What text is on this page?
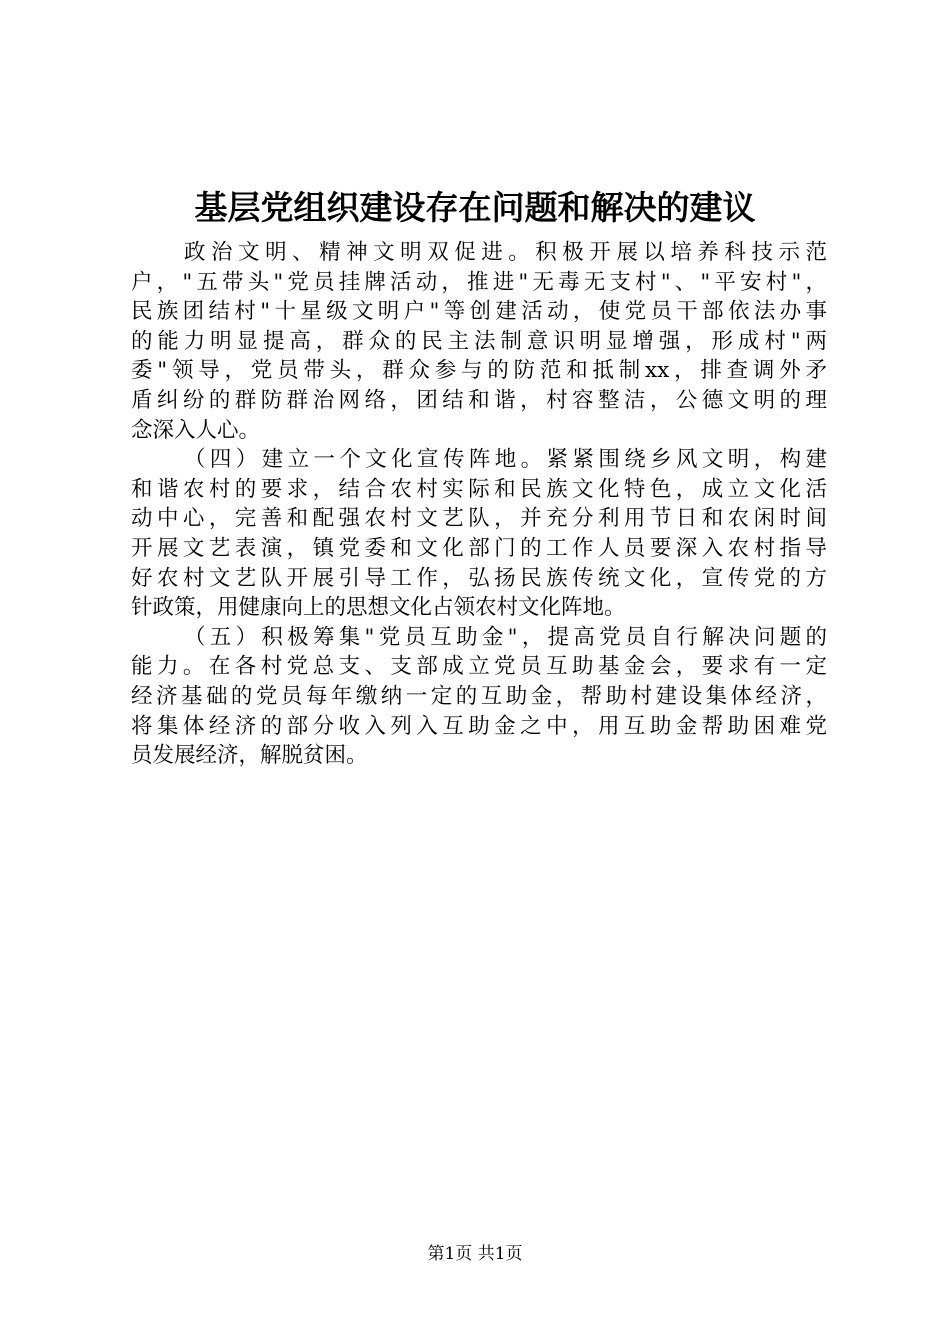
基层党组织建设存在问题和解决的建议
政治文明、精神文明双促进。积极开展以培养科技示范
户，"五带头"党员挂牌活动，推进"无毒无支村"、"平安村"，
民族团结村"十星级文明户"等创建活动，使党员干部依法办事
的能力明显提高，群众的民主法制意识明显增强，形成村"两
委"领导，党员带头，群众参与的防范和抵制xx，排查调外矛
盾纠纷的群防群治网络，团结和谐，村容整洁，公德文明的理
念深入人心。
（四）建立一个文化宣传阵地。紧紧围绕乡风文明，构建
和谐农村的要求，结合农村实际和民族文化特色，成立文化活
动中心，完善和配强农村文艺队，并充分利用节日和农闲时间
开展文艺表演，镇党委和文化部门的工作人员要深入农村指导
好农村文艺队开展引导工作，弘扬民族传统文化，宣传党的方
针政策，用健康向上的思想文化占领农村文化阵地。
（五）积极筹集"党员互助金"，提高党员自行解决问题的
能力。在各村党总支、支部成立党员互助基金会，要求有一定
经济基础的党员每年缴纳一定的互助金，帮助村建设集体经济，
将集体经济的部分收入列入互助金之中，用互助金帮助困难党
员发展经济，解脱贫困。
第1页 共1页
